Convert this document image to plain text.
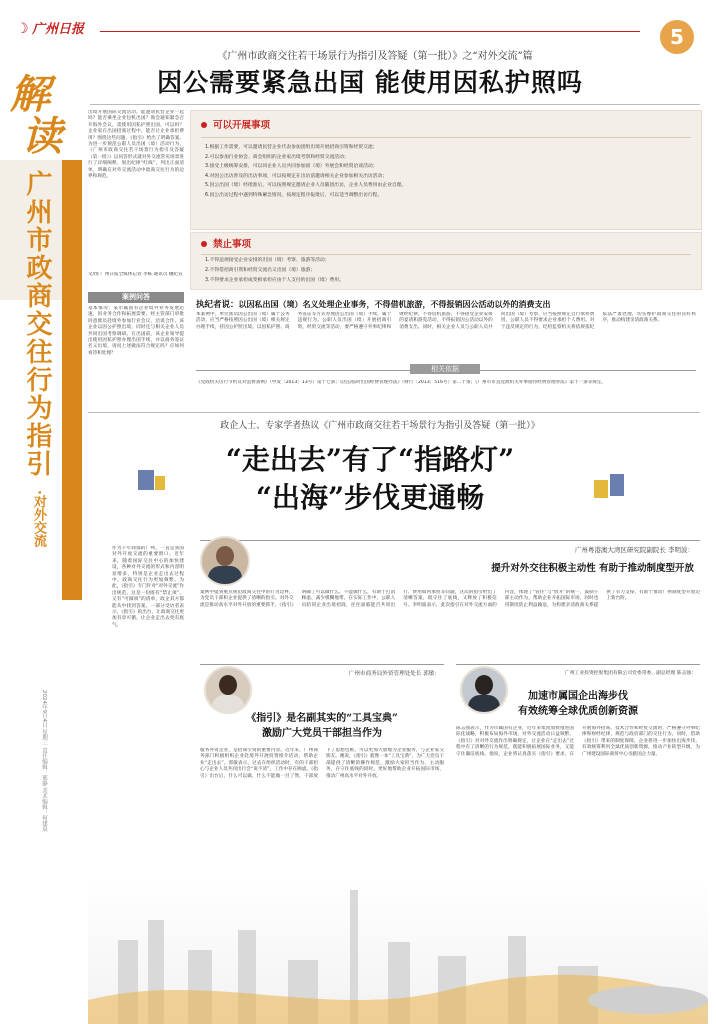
☽ 广州日报	5
《广州市政商交往若干场景行为指引及答疑（第一批）》之“对外交流”篇
因公需要紧急出国 能使用因私护照吗
解
读
出境开展国际交流活动，能邀请民营企业一起吗？能否乘坐企业包机出国？商会通知紧急召开海外会议，需使用因私护照出国，可以吗？企业家在出国招商过程中，能否让企业承担费用？围绕这些问题，《指引》给出了明确答案。为进一步规范公职人员出国（境）活动行为，《广州市政商交往若干场景行为指引及答疑（第一批）》以问答形式就对外交流常见场景进行了详细阐释，划出纪律“红线”，列出正面清单，明确在对外交流活动中政商交往行为的边界和规范。
文/图 广州日报全媒体记者 李栋 通讯员 穗纪宣
案例问答
基本情况：某市属国有企业境外业务发展迅速，因业务合作和拓展需要，经主管部门审批同意派员赴境外参加行业会议、洽谈合作。该企业以因公护照出境，同时还与相关企业人员共同出国考察调研。在出国前，该企业领导提出使用因私护照办理出国手续，并以商务签证名义出境，请问上述做法符合规定吗？应如何看待和处理？
广州市政商交往行为指引
·对外交流
可以开展事项
1.根据工作需要，可以邀请民营企业代表参加团组出境开展招商引资和经贸交流；
2.可以参加行业协会、商会组织的企业家出境考察和经贸交流活动；
3.接受上级统筹安排，可以同企业人员共同参加国（境）外展会和经贸洽谈活动；
4.对因公出访涉及的出访事项，可以按规定在出访前邀请相关企业参加相关出访活动；
5.因公出国（境）经批准后，可以按照规定邀请企业人员随团出访，企业人员费用由企业自理。
6.因公出访过程中遇到特殊紧急情况，按规定程序报批后，可以适当调整出访行程。
禁止事项
1.不得违规接受企业安排的出国（境）考察、旅游等活动；
2.不得借招商引资和经贸交流名义出国（境）旅游；
3.不得要求企业承担或变相承担应由个人支付的出国（境）费用。
执纪者说：以因私出国（境）名义处理企业事务，不得借机旅游，不得报销因公活动以外的消费支出
本案例中，单位派员因公出国（境）属于公务活动，应当严格按照因公出国（境）相关规定办理手续，持因公护照出境。以因私护照、商务签证等方式办理因公出国（境）手续，属于违规行为。公职人员出国（境）开展招商引资、经贸交流等活动，要严格遵守外事纪律和财经纪律，不得借机旅游，不得接受企业安排的宴请和游览活动，不得报销因公活动以外的消费支出。同时，相关企业人员与公职人员共同出国（境）考察，应当按照规定自行承担费用，公职人员不得要求企业承担个人费用。对于违反规定的行为，纪检监察机关将依规依纪依法严肃处理，切实维护政商交往的良好秩序，推动构建亲清政商关系。
相关依据
《党政机关厉行节约反对浪费条例》（中发〔2013〕13号）第十七条；《因公临时出国经费管理办法》（财行〔2013〕516号）第二十条；《广州市市直党政机关外事接待经费管理办法》第十一条等规定。
政企人士、专家学者热议《广州市政商交往若干场景行为指引及答疑（第一批）》
“走出去”有了“指路灯”
“出海”步伐更通畅
作为千年商都的广州，一直是我国对外开放交流的重要窗口。近年来，随着国际交往中心的加快建设，各种对外交流的形式和内容明显增多，特别是企业走出去过程中，政商交往行为更加频繁。为此，《指引》专门针对“对外交流”作出规范。这是一份既有“禁止项”、又有“可做项”的清单，政企双方都能从中找到答案。一部分受访者表示，《指引》的出台，让政商交往更加有章可循，让企业走出去更有底气。
广州粤港澳大湾区研究院副院长 李明波：
提升对外交往积极主动性 有助于推动制度型开放
案例中提到重点规范政商交往中的行为边界，为党员干部和企业提供了清晰的指引。对外交流是推动高水平对外开放的重要抓手，《指引》明确了可以做什么、不能做什么，有助于打消顾虑、减少模糊地带。在实际工作中，公职人员陪同企业出境招商，往往面临能否共同出行、费用如何承担等问题，这次的指引给出了清晰答案，既守住了底线，又释放了积极信号。李明波表示，此次指引在对外交流方面的内容，体现了“管住”与“放开”的统一，鼓励干部主动作为，帮助企业开拓国际市场，同时也用制度防止利益输送，为构建亲清政商关系提供了有力支撑，有助于推动广州制度型开放迈上新台阶。
广州市商务局外资管理处处长 郭敏：
《指引》是名副其实的“工具宝典”
激励广大党员干部担当作为
服务外资企业，是招商引资的重要内容。近年来，广州商务部门积极组织企业赴境外开展投资推介活动，帮助企业“走出去”。郭敏表示，过去在组织活动时，有的干部担心与企业人员共同出行会“说不清”，工作中存在顾虑。《指引》出台后，什么可以做、什么不能做一目了然，干部放下了思想包袱，可以更加大胆地为企业服务，与企业家交朋友。她说，《指引》就像一本“工具宝典”，为广大党员干部提供了清晰的操作规范，激励大家担当作为、主动服务，在守住底线的同时，更好地帮助企业开拓国际市场，推动广州高水平对外开放。
广州工业投资控股集团有限公司党委常委、副总经理 陈志强：
加速市属国企出海步伐
有效统筹全球优质创新资源
陈志强表示，作为市属国有企业，近年来集团加快推进国际化战略，积极布局海外市场，对外交流活动日益频繁。《指引》对对外交流作出明确规定，让企业在“走出去”过程中有了清晰的行为规范，既能积极拓展国际业务，又能守住廉洁底线。他说，企业将认真落实《指引》要求，在开展海外招商、技术合作和经贸交流时，严格遵守外事纪律和财经纪律，规范与政府部门的交往行为。同时，借助《指引》带来的制度保障，企业将进一步加快出海步伐，有效统筹利用全球优质创新资源，推动产业转型升级，为广州建设国际商贸中心贡献国企力量。
2024年9月4日 星期三 责任编辑：邢静 美术编辑：何建泉
